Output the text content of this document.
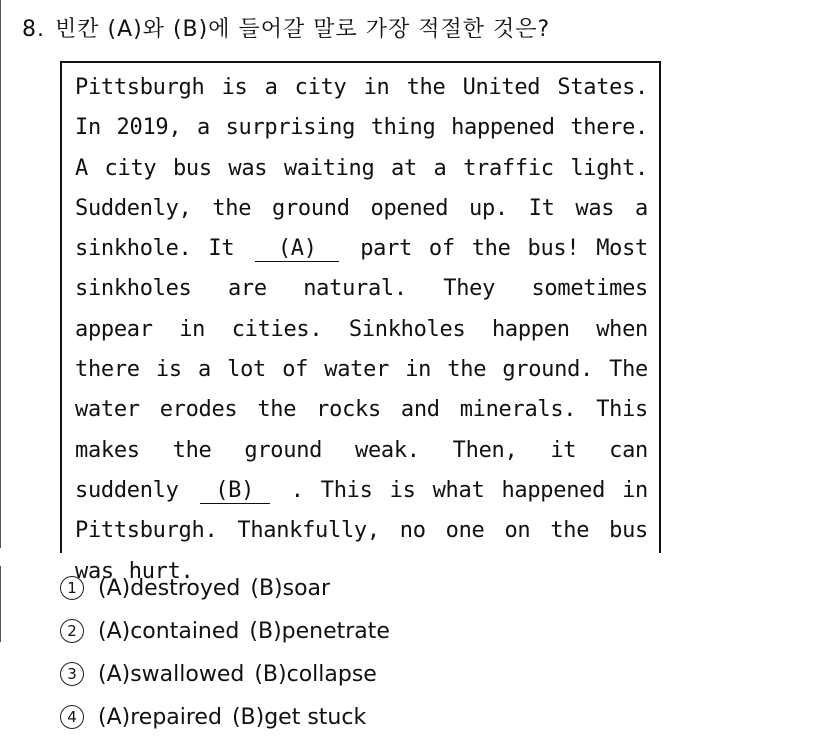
8. 빈칸 (A)와 (B)에 들어갈 말로 가장 적절한 것은?
Pittsburgh is a city in the United States. In 2019, a surprising thing happened there. A city bus was waiting at a traffic light. Suddenly, the ground opened up. It was a sinkhole. It (A) part of the bus! Most sinkholes are natural. They sometimes appear in cities. Sinkholes happen when there is a lot of water in the ground. The water erodes the rocks and minerals. This makes the ground weak. Then, it can suddenly (B) . This is what happened in Pittsburgh. Thankfully, no one on the bus was hurt.
1 (A)destroyed (B)soar
2 (A)contained (B)penetrate
3 (A)swallowed (B)collapse
4 (A)repaired (B)get stuck
